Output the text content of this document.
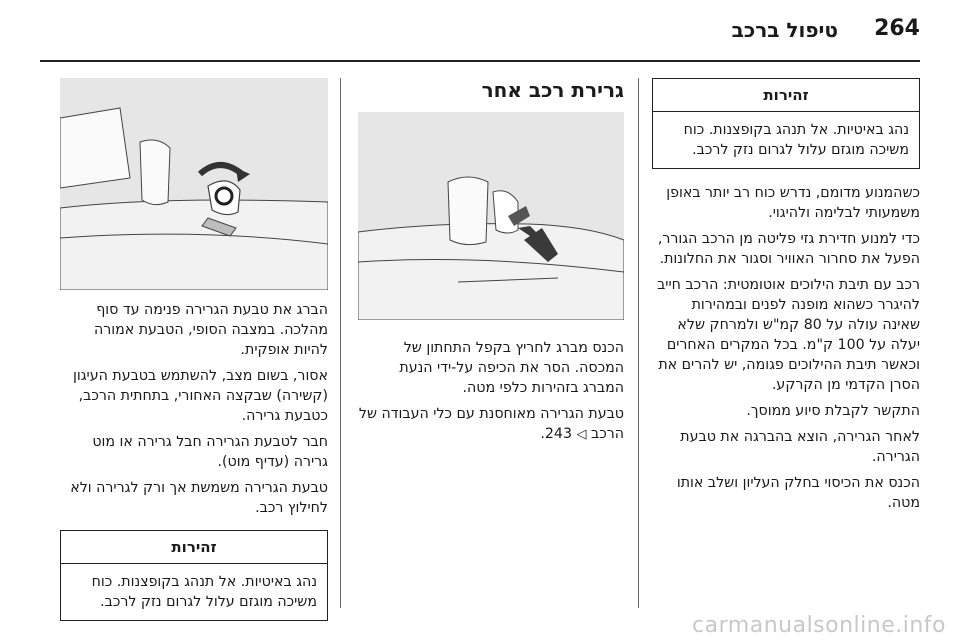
264
טיפול ברכב
זהירות
נהג באיטיות. אל תנהג בקופצנות. כוח משיכה מוגזם עלול לגרום נזק לרכב.

כשהמנוע מדומם, נדרש כוח רב יותר באופן משמעותי לבלימה ולהיגוי.

כדי למנוע חדירת גזי פליטה מן הרכב הגורר, הפעל את סחרור האוויר וסגור את החלונות.

רכב עם תיבת הילוכים אוטומטית: הרכב חייב להיגרר כשהוא מופנה לפנים ובמהירות שאינה עולה על 80 קמ"ש ולמרחק שלא יעלה על 100 ק"מ. בכל המקרים האחרים וכאשר תיבת ההילוכים פגומה, יש להרים את הסרן הקדמי מן הקרקע.

התקשר לקבלת סיוע ממוסך.

לאחר הגרירה, הוצא בהברגה את טבעת הגרירה.

הכנס את הכיסוי בחלק העליון ושלב אותו מטה.

גרירת רכב אחר

הכנס מברג לחריץ בקפל התחתון של המכסה. הסר את הכיפה על-ידי הנעת המברג בזהירות כלפי מטה.

טבעת הגרירה מאוחסנת עם כלי העבודה של הרכב ◁ 243.

הברג את טבעת הגרירה פנימה עד סוף מהלכה. במצבה הסופי, הטבעת אמורה להיות אופקית.

אסור, בשום מצב, להשתמש בטבעת העיגון (קשירה) שבקצה האחורי, בתחתית הרכב, כטבעת גרירה.

חבר לטבעת הגרירה חבל גרירה או מוט גרירה (עדיף מוט).

טבעת הגרירה משמשת אך ורק לגרירה ולא לחילוץ רכב.

זהירות
נהג באיטיות. אל תנהג בקופצנות. כוח משיכה מוגזם עלול לגרום נזק לרכב.
carmanualsonline.info
